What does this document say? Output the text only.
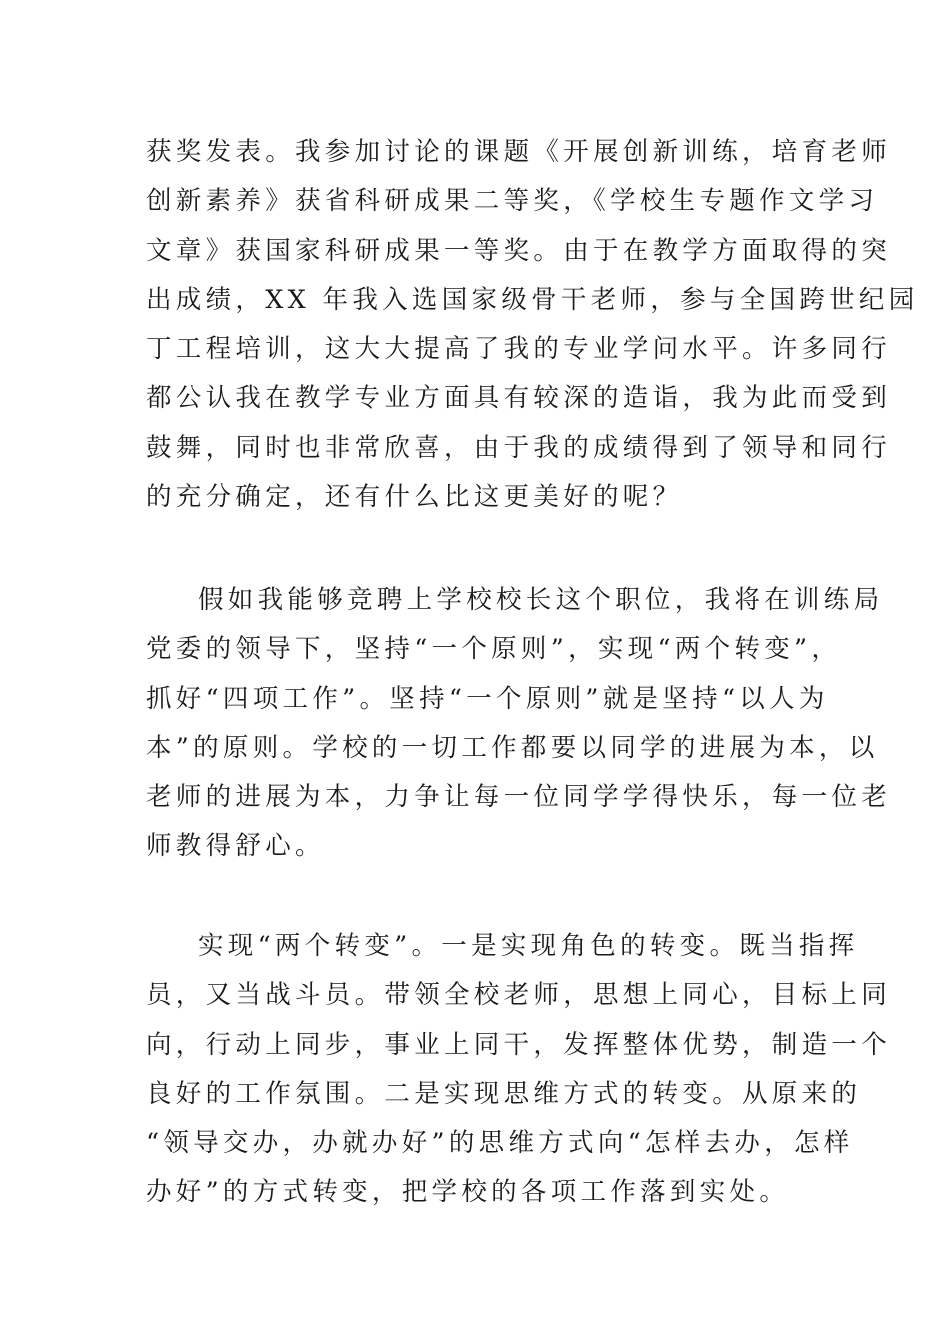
获奖发表。我参加讨论的课题《开展创新训练，培育老师
创新素养》获省科研成果二等奖，《学校生专题作文学习
文章》获国家科研成果一等奖。由于在教学方面取得的突
出成绩，XX 年我入选国家级骨干老师，参与全国跨世纪园
丁工程培训，这大大提高了我的专业学问水平。许多同行
都公认我在教学专业方面具有较深的造诣，我为此而受到
鼓舞，同时也非常欣喜，由于我的成绩得到了领导和同行
的充分确定，还有什么比这更美好的呢？
假如我能够竞聘上学校校长这个职位，我将在训练局
党委的领导下，坚持“一个原则”，实现“两个转变”，
抓好“四项工作”。坚持“一个原则”就是坚持“以人为
本”的原则。学校的一切工作都要以同学的进展为本，以
老师的进展为本，力争让每一位同学学得快乐，每一位老
师教得舒心。
实现“两个转变”。一是实现角色的转变。既当指挥
员，又当战斗员。带领全校老师，思想上同心，目标上同
向，行动上同步，事业上同干，发挥整体优势，制造一个
良好的工作氛围。二是实现思维方式的转变。从原来的
“领导交办，办就办好”的思维方式向“怎样去办，怎样
办好”的方式转变，把学校的各项工作落到实处。
